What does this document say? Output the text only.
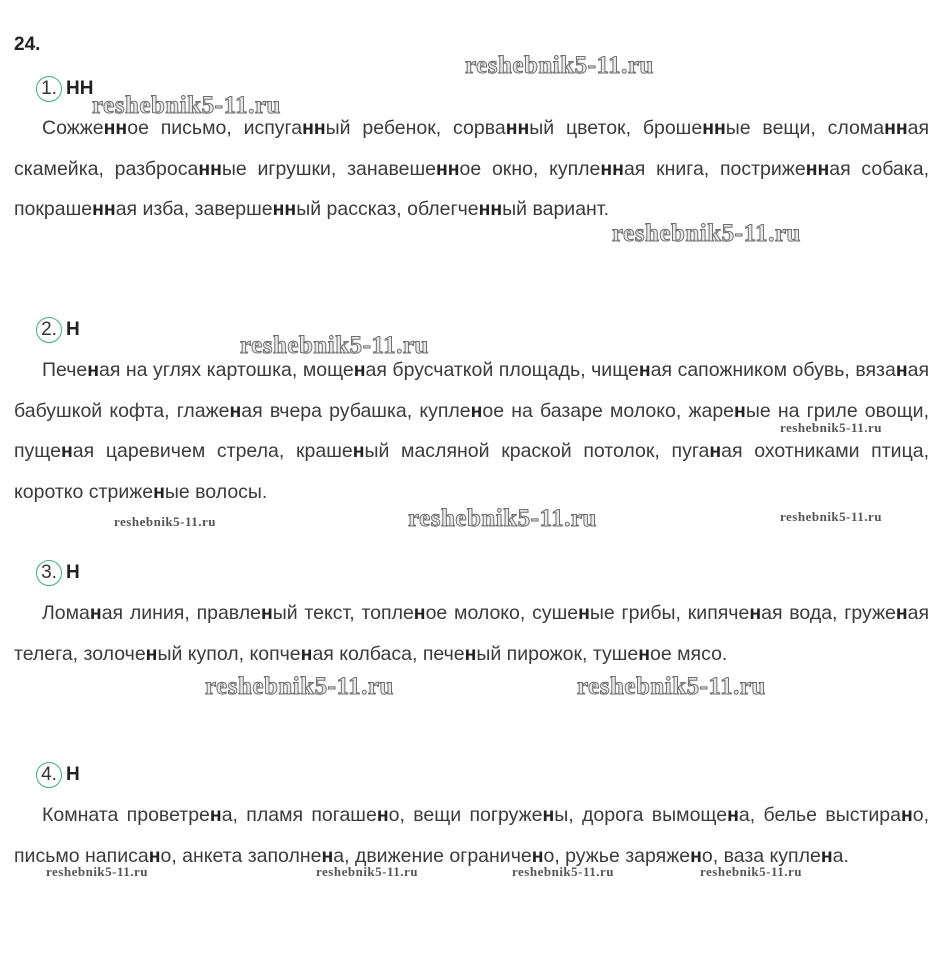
24.
1. НН
Сожженное письмо, испуганный ребенок, сорванный цветок, брошенные вещи, сломанная скамейка, разбросанные игрушки, занавешенное окно, купленная книга, постриженная собака, покрашенная изба, завершенный рассказ, облегченный вариант.
2. Н
Печеная на углях картошка, мощеная брусчаткой площадь, чищеная сапожником обувь, вязаная бабушкой кофта, глаженая вчера рубашка, купленое на базаре молоко, жареные на гриле овощи, пущеная царевичем стрела, крашеный масляной краской потолок, пуганая охотниками птица, коротко стриженые волосы.
3. Н
Ломаная линия, правленый текст, топленое молоко, сушеные грибы, кипяченая вода, груженая телега, золоченый купол, копченая колбаса, печеный пирожок, тушеное мясо.
4. Н
Комната проветрена, пламя погашено, вещи погружены, дорога вымощена, белье выстирано, письмо написано, анкета заполнена, движение ограничено, ружье заряжено, ваза куплена.
reshebnik5-11.ru
reshebnik5-11.ru
reshebnik5-11.ru
reshebnik5-11.ru
reshebnik5-11.ru
reshebnik5-11.ru	reshebnik5-11.ru	reshebnik5-11.ru
reshebnik5-11.ru	reshebnik5-11.ru
reshebnik5-11.ru	reshebnik5-11.ru	reshebnik5-11.ru	reshebnik5-11.ru
